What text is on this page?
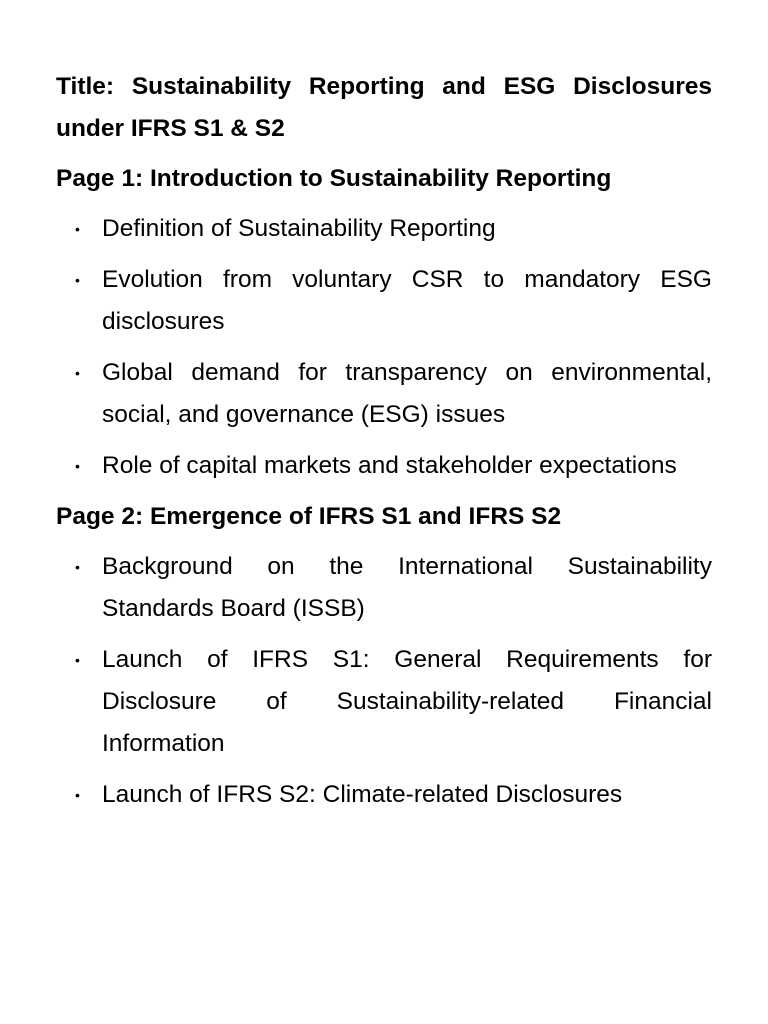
Title: Sustainability Reporting and ESG Disclosures under IFRS S1 & S2
Page 1: Introduction to Sustainability Reporting
• Definition of Sustainability Reporting
• Evolution from voluntary CSR to mandatory ESG disclosures
• Global demand for transparency on environmental, social, and governance (ESG) issues
• Role of capital markets and stakeholder expectations
Page 2: Emergence of IFRS S1 and IFRS S2
• Background on the International Sustainability Standards Board (ISSB)
• Launch of IFRS S1: General Requirements for Disclosure of Sustainability-related Financial Information
• Launch of IFRS S2: Climate-related Disclosures
